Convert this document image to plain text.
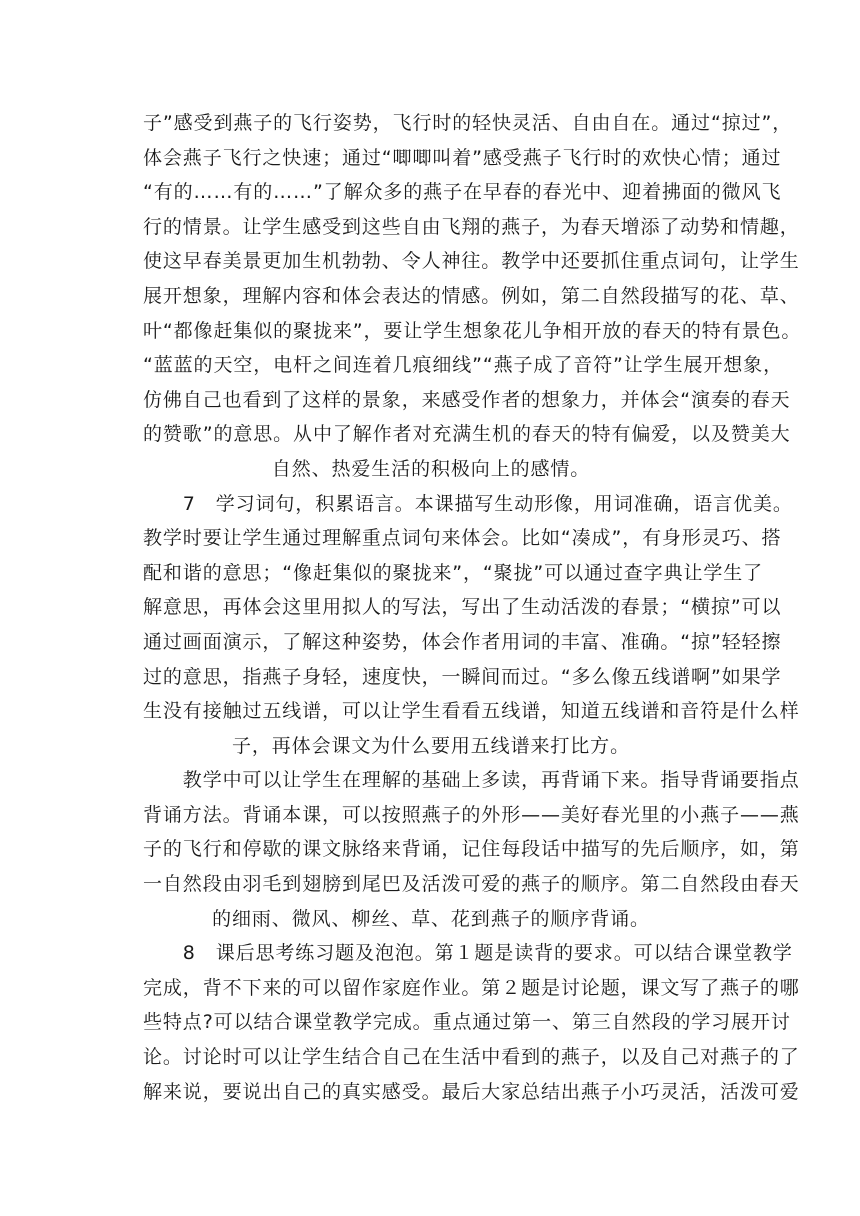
子”感受到燕子的飞行姿势，飞行时的轻快灵活、自由自在。通过“掠过”，
体会燕子飞行之快速；通过“唧唧叫着”感受燕子飞行时的欢快心情；通过
“有的……有的……”了解众多的燕子在早春的春光中、迎着拂面的微风飞
行的情景。让学生感受到这些自由飞翔的燕子，为春天增添了动势和情趣，
使这早春美景更加生机勃勃、令人神往。教学中还要抓住重点词句，让学生
展开想象，理解内容和体会表达的情感。例如，第二自然段描写的花、草、
叶“都像赶集似的聚拢来”，要让学生想象花儿争相开放的春天的特有景色。
“蓝蓝的天空，电杆之间连着几痕细线”“燕子成了音符”让学生展开想象，
仿佛自己也看到了这样的景象，来感受作者的想象力，并体会“演奏的春天
的赞歌”的意思。从中了解作者对充满生机的春天的特有偏爱，以及赞美大
自然、热爱生活的积极向上的感情。
　　7　学习词句，积累语言。本课描写生动形像，用词准确，语言优美。
教学时要让学生通过理解重点词句来体会。比如“凑成”，有身形灵巧、搭
配和谐的意思；“像赶集似的聚拢来”，“聚拢”可以通过查字典让学生了
解意思，再体会这里用拟人的写法，写出了生动活泼的春景；“横掠”可以
通过画面演示，了解这种姿势，体会作者用词的丰富、准确。“掠”轻轻擦
过的意思，指燕子身轻，速度快，一瞬间而过。“多么像五线谱啊”如果学
生没有接触过五线谱，可以让学生看看五线谱，知道五线谱和音符是什么样
子，再体会课文为什么要用五线谱来打比方。
　　教学中可以让学生在理解的基础上多读，再背诵下来。指导背诵要指点
背诵方法。背诵本课，可以按照燕子的外形——美好春光里的小燕子——燕
子的飞行和停歇的课文脉络来背诵，记住每段话中描写的先后顺序，如，第
一自然段由羽毛到翅膀到尾巴及活泼可爱的燕子的顺序。第二自然段由春天
的细雨、微风、柳丝、草、花到燕子的顺序背诵。
　　8　课后思考练习题及泡泡。第１题是读背的要求。可以结合课堂教学
完成，背不下来的可以留作家庭作业。第２题是讨论题，课文写了燕子的哪
些特点?可以结合课堂教学完成。重点通过第一、第三自然段的学习展开讨
论。讨论时可以让学生结合自己在生活中看到的燕子，以及自己对燕子的了
解来说，要说出自己的真实感受。最后大家总结出燕子小巧灵活，活泼可爱
